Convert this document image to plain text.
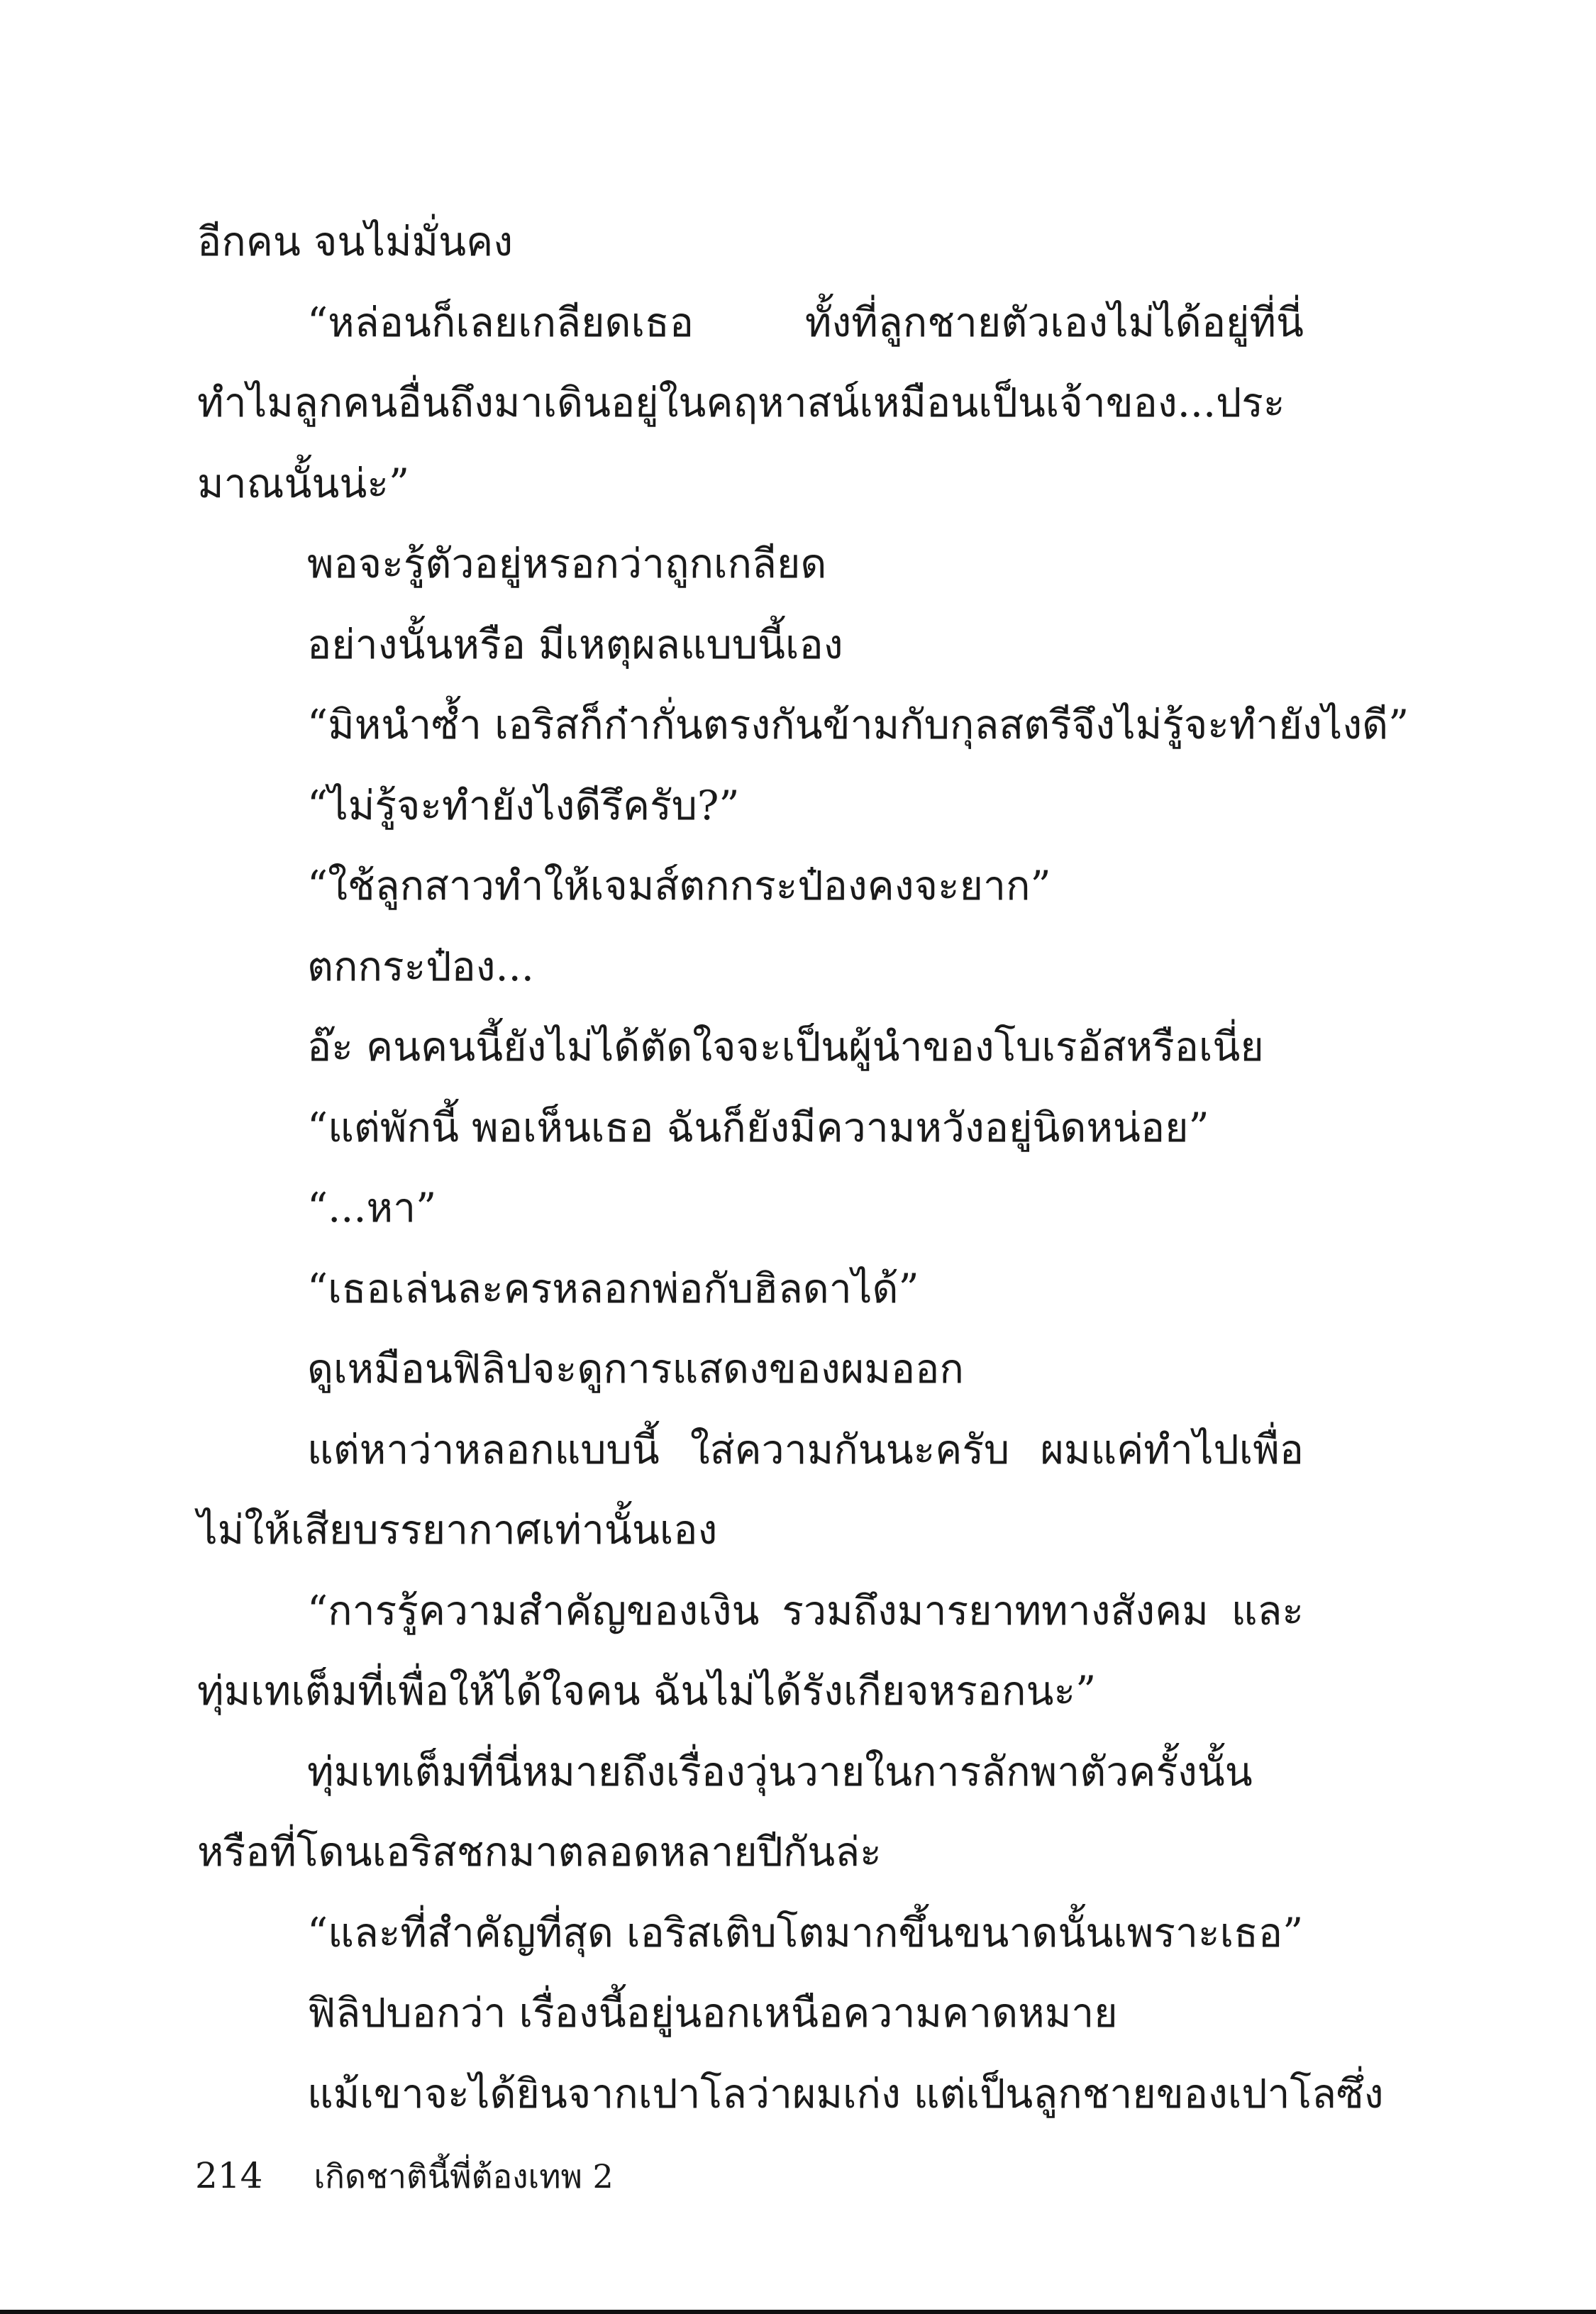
อีกคน จนไม่มั่นคง

“หล่อนก็เลยเกลียดเธอ ทั้งที่ลูกชายตัวเองไม่ได้อยู่ที่นี่ ทำไมลูกคนอื่นถึงมาเดินอยู่ในคฤหาสน์เหมือนเป็นเจ้าของ...ประมาณนั้นน่ะ”

พอจะรู้ตัวอยู่หรอกว่าถูกเกลียด

อย่างนั้นหรือ มีเหตุผลแบบนี้เอง

“มิหนำซ้ำ เอริสก็ก๋ากั่นตรงกันข้ามกับกุลสตรีจึงไม่รู้จะทำยังไงดี”

“ไม่รู้จะทำยังไงดีรึครับ?”

“ใช้ลูกสาวทำให้เจมส์ตกกระป๋องคงจะยาก”

ตกกระป๋อง...

อ๊ะ คนคนนี้ยังไม่ได้ตัดใจจะเป็นผู้นำของโบเรอัสหรือเนี่ย

“แต่พักนี้ พอเห็นเธอ ฉันก็ยังมีความหวังอยู่นิดหน่อย”

“...หา”

“เธอเล่นละครหลอกพ่อกับฮิลดาได้”

ดูเหมือนฟิลิปจะดูการแสดงของผมออก

แต่หาว่าหลอกแบบนี้ ใส่ความกันนะครับ ผมแค่ทำไปเพื่อไม่ให้เสียบรรยากาศเท่านั้นเอง

“การรู้ความสำคัญของเงิน รวมถึงมารยาททางสังคม และทุ่มเทเต็มที่เพื่อให้ได้ใจคน ฉันไม่ได้รังเกียจหรอกนะ”

ทุ่มเทเต็มที่นี่หมายถึงเรื่องวุ่นวายในการลักพาตัวครั้งนั้น หรือที่โดนเอริสชกมาตลอดหลายปีกันล่ะ

“และที่สำคัญที่สุด เอริสเติบโตมากขึ้นขนาดนั้นเพราะเธอ”

ฟิลิปบอกว่า เรื่องนี้อยู่นอกเหนือความคาดหมาย

แม้เขาจะได้ยินจากเปาโลว่าผมเก่ง แต่เป็นลูกชายของเปาโลซึ่ง

214 เกิดชาตินี้พี่ต้องเทพ 2
